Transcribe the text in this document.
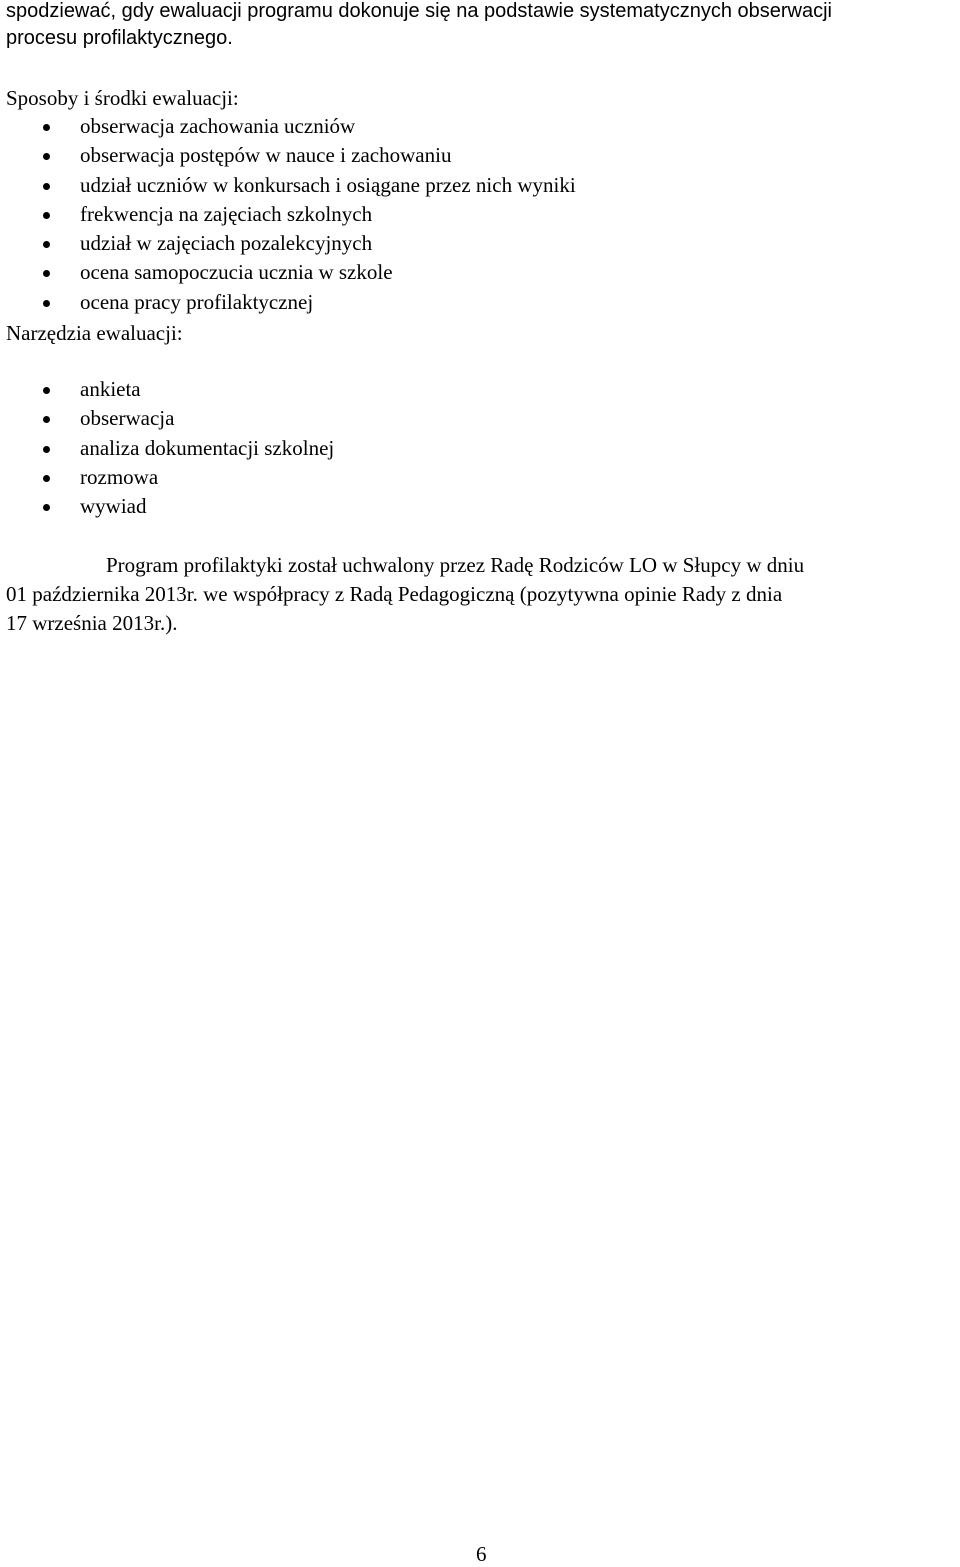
spodziewać, gdy ewaluacji programu dokonuje się na podstawie systematycznych obserwacji
procesu profilaktycznego.
Sposoby i środki ewaluacji:
obserwacja zachowania uczniów
obserwacja postępów w nauce i zachowaniu
udział uczniów w konkursach i osiągane przez nich wyniki
frekwencja na zajęciach szkolnych
udział w zajęciach pozalekcyjnych
ocena samopoczucia ucznia w szkole
ocena pracy profilaktycznej
Narzędzia ewaluacji:
ankieta
obserwacja
analiza dokumentacji szkolnej
rozmowa
wywiad
Program profilaktyki został uchwalony przez Radę Rodziców LO w Słupcy w dniu
01 października 2013r. we współpracy z Radą Pedagogiczną (pozytywna opinie Rady z dnia
17 września 2013r.).
6
